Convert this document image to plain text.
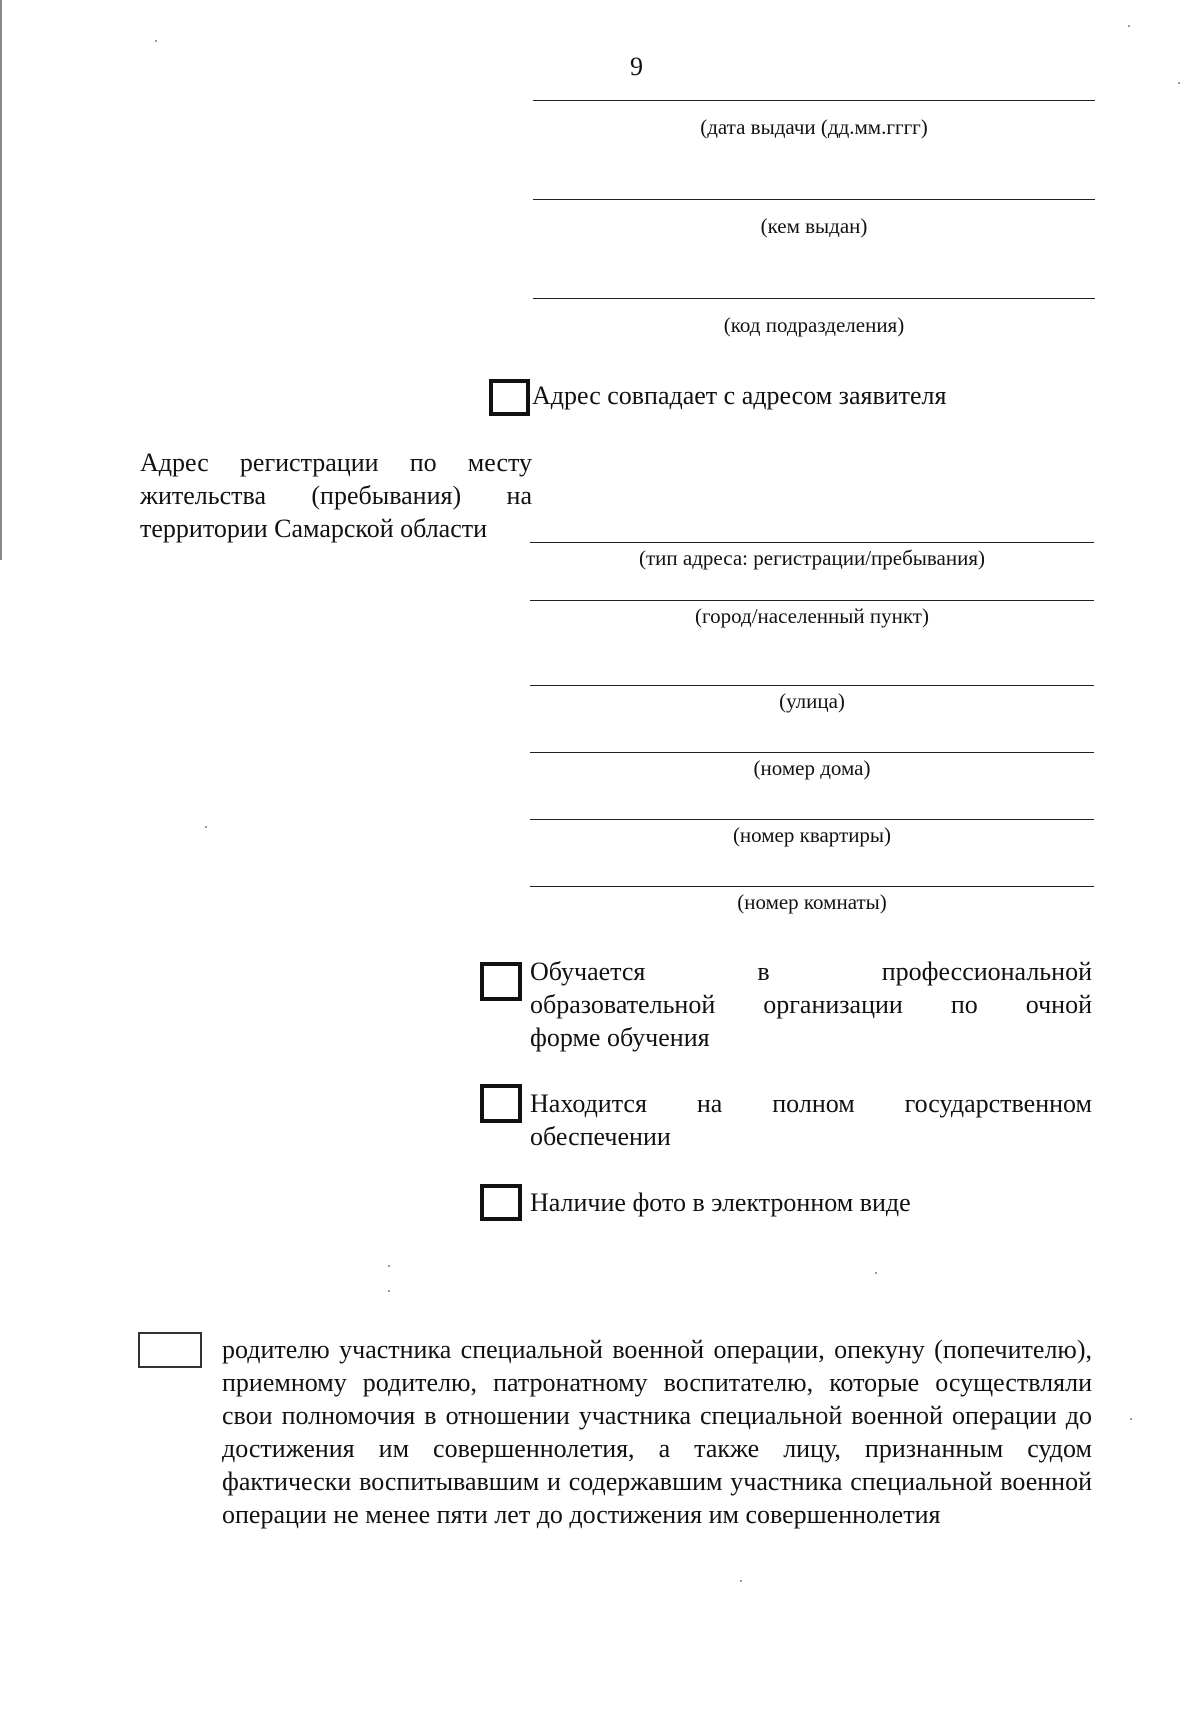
9
(дата выдачи (дд.мм.гггг)
(кем выдан)
(код подразделения)
Адрес совпадает с адресом заявителя
Адрес регистрации по месту
жительства (пребывания) на
территории Самарской области
(тип адреса: регистрации/пребывания)
(город/населенный пункт)
(улица)
(номер дома)
(номер квартиры)
(номер комнаты)
Обучается в профессиональной
образовательной организации по очной
форме обучения
Находится на полном государственном
обеспечении
Наличие фото в электронном виде
родителю участника специальной военной операции, опекуну (попечителю), приемному родителю, патронатному воспитателю, которые осуществляли свои полномочия в отношении участника специальной военной операции до достижения им совершеннолетия, а также лицу, признанным судом фактически воспитывавшим и содержавшим участника специальной военной операции не менее пяти лет до достижения им совершеннолетия
